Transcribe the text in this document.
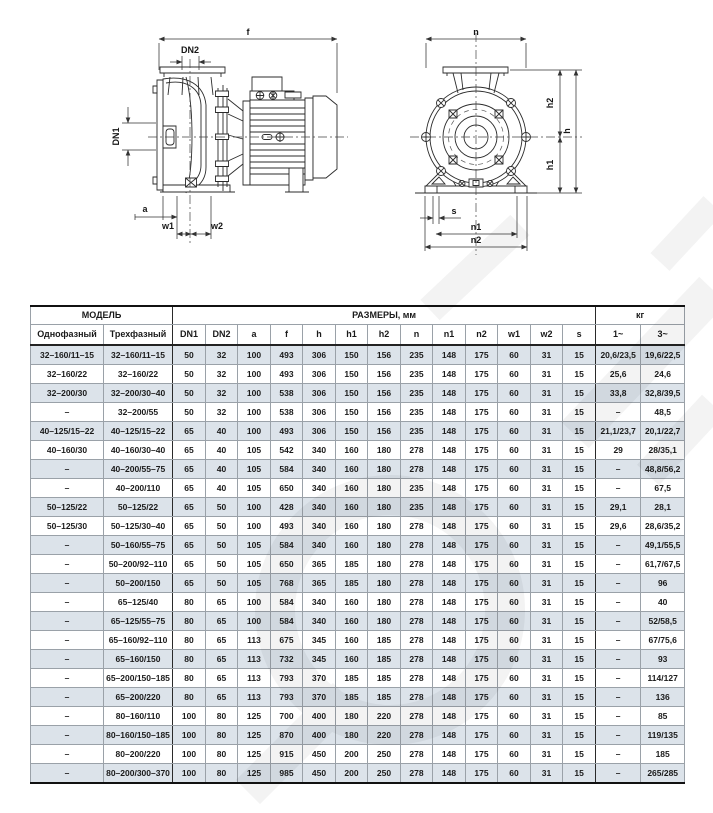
f
DN2
DN1
a
w1	w2
n
h2
h
h1
s
n1
n2
МОДЕЛЬ		РАЗМЕРЫ, мм													кг	
Однофазный	Трехфазный	DN1	DN2	a	f	h	h1	h2	n	n1	n2	w1	w2	s	1~	3~
32–160/11–15	32–160/11–15	50	32	100	493	306	150	156	235	148	175	60	31	15	20,6/23,5	19,6/22,5
32–160/22	32–160/22	50	32	100	493	306	150	156	235	148	175	60	31	15	25,6	24,6
32–200/30	32–200/30–40	50	32	100	538	306	150	156	235	148	175	60	31	15	33,8	32,8/39,5
–	32–200/55	50	32	100	538	306	150	156	235	148	175	60	31	15	–	48,5
40–125/15–22	40–125/15–22	65	40	100	493	306	150	156	235	148	175	60	31	15	21,1/23,7	20,1/22,7
40–160/30	40–160/30–40	65	40	105	542	340	160	180	278	148	175	60	31	15	29	28/35,1
–	40–200/55–75	65	40	105	584	340	160	180	278	148	175	60	31	15	–	48,8/56,2
–	40–200/110	65	40	105	650	340	160	180	235	148	175	60	31	15	–	67,5
50–125/22	50–125/22	65	50	100	428	340	160	180	235	148	175	60	31	15	29,1	28,1
50–125/30	50–125/30–40	65	50	100	493	340	160	180	278	148	175	60	31	15	29,6	28,6/35,2
–	50–160/55–75	65	50	105	584	340	160	180	278	148	175	60	31	15	–	49,1/55,5
–	50–200/92–110	65	50	105	650	365	185	180	278	148	175	60	31	15	–	61,7/67,5
–	50–200/150	65	50	105	768	365	185	180	278	148	175	60	31	15	–	96
–	65–125/40	80	65	100	584	340	160	180	278	148	175	60	31	15	–	40
–	65–125/55–75	80	65	100	584	340	160	180	278	148	175	60	31	15	–	52/58,5
–	65–160/92–110	80	65	113	675	345	160	185	278	148	175	60	31	15	–	67/75,6
–	65–160/150	80	65	113	732	345	160	185	278	148	175	60	31	15	–	93
–	65–200/150–185	80	65	113	793	370	185	185	278	148	175	60	31	15	–	114/127
–	65–200/220	80	65	113	793	370	185	185	278	148	175	60	31	15	–	136
–	80–160/110	100	80	125	700	400	180	220	278	148	175	60	31	15	–	85
–	80–160/150–185	100	80	125	870	400	180	220	278	148	175	60	31	15	–	119/135
–	80–200/220	100	80	125	915	450	200	250	278	148	175	60	31	15	–	185
–	80–200/300–370	100	80	125	985	450	200	250	278	148	175	60	31	15	–	265/285
